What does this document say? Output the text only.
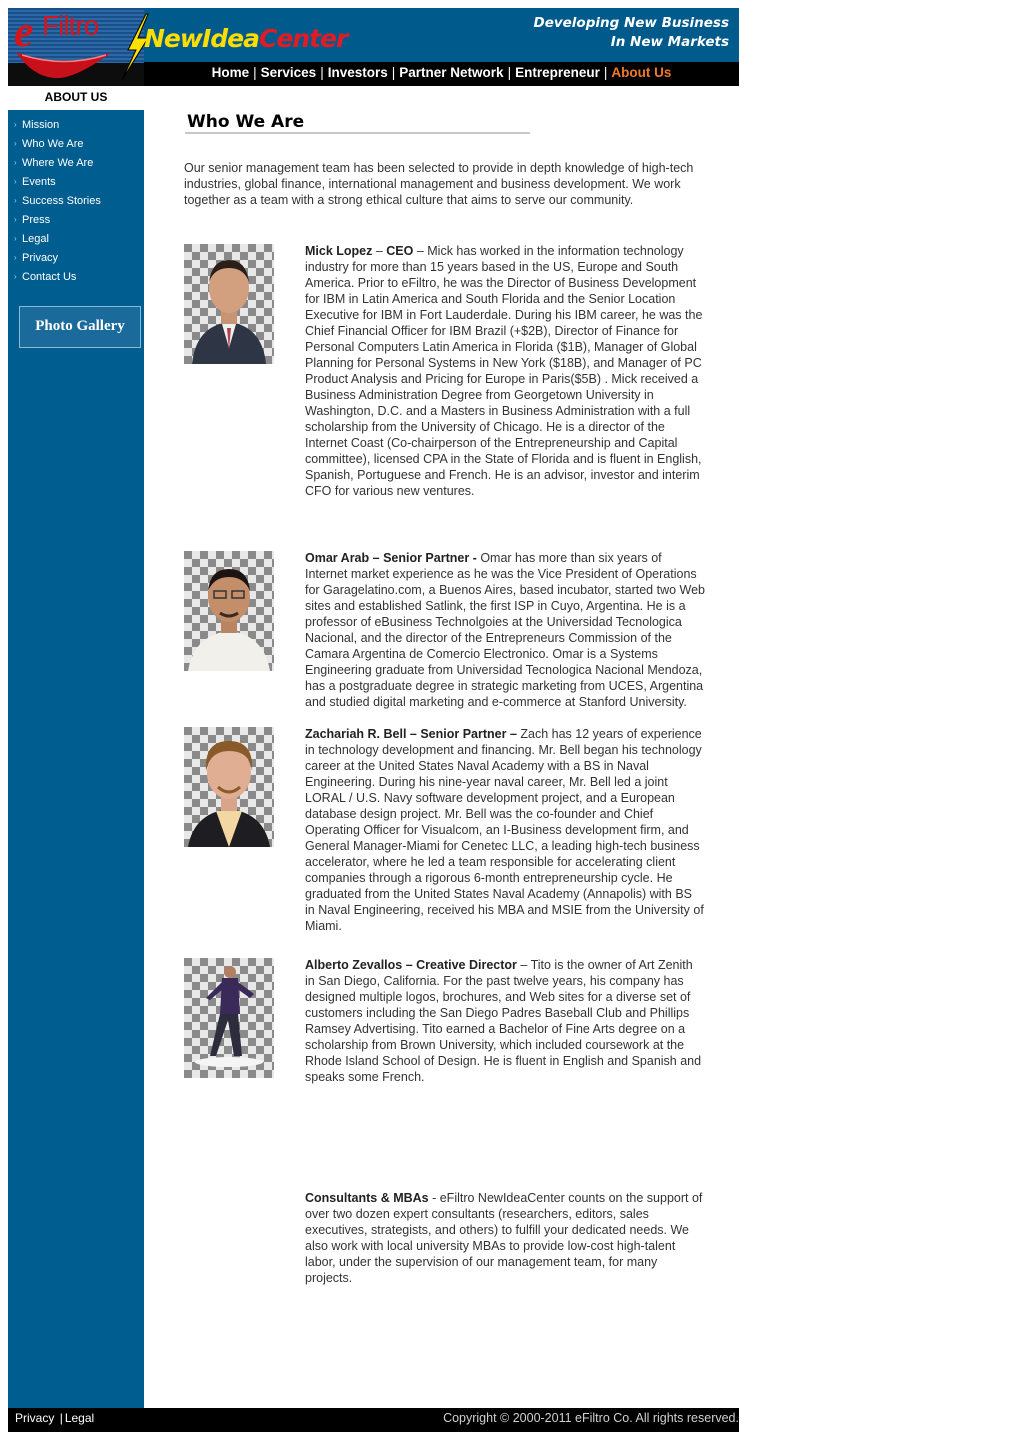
e Filtro NewIdeaCenter
Developing New Business
In New Markets
Home | Services | Investors | Partner Network | Entrepreneur | About Us
ABOUT US
› Mission
› Who We Are
› Where We Are
› Events
› Success Stories
› Press
› Legal
› Privacy
› Contact Us
Photo Gallery
Who We Are
Our senior management team has been selected to provide in depth knowledge of high-tech industries, global finance, international management and business development. We work together as a team with a strong ethical culture that aims to serve our community.
Mick Lopez – CEO – Mick has worked in the information technology industry for more than 15 years based in the US, Europe and South America. Prior to eFiltro, he was the Director of Business Development for IBM in Latin America and South Florida and the Senior Location Executive for IBM in Fort Lauderdale. During his IBM career, he was the Chief Financial Officer for IBM Brazil (+$2B), Director of Finance for Personal Computers Latin America in Florida ($1B), Manager of Global Planning for Personal Systems in New York ($18B), and Manager of PC Product Analysis and Pricing for Europe in Paris($5B) . Mick received a Business Administration Degree from Georgetown University in Washington, D.C. and a Masters in Business Administration with a full scholarship from the University of Chicago. He is a director of the Internet Coast (Co-chairperson of the Entrepreneurship and Capital committee), licensed CPA in the State of Florida and is fluent in English, Spanish, Portuguese and French. He is an advisor, investor and interim CFO for various new ventures.
Omar Arab – Senior Partner - Omar has more than six years of Internet market experience as he was the Vice President of Operations for Garagelatino.com, a Buenos Aires, based incubator, started two Web sites and established Satlink, the first ISP in Cuyo, Argentina. He is a professor of eBusiness Technolgoies at the Universidad Tecnologica Nacional, and the director of the Entrepreneurs Commission of the Camara Argentina de Comercio Electronico. Omar is a Systems Engineering graduate from Universidad Tecnologica Nacional Mendoza, has a postgraduate degree in strategic marketing from UCES, Argentina and studied digital marketing and e-commerce at Stanford University.
Zachariah R. Bell – Senior Partner – Zach has 12 years of experience in technology development and financing. Mr. Bell began his technology career at the United States Naval Academy with a BS in Naval Engineering. During his nine-year naval career, Mr. Bell led a joint LORAL / U.S. Navy software development project, and a European database design project. Mr. Bell was the co-founder and Chief Operating Officer for Visualcom, an I-Business development firm, and General Manager-Miami for Cenetec LLC, a leading high-tech business accelerator, where he led a team responsible for accelerating client companies through a rigorous 6-month entrepreneurship cycle. He graduated from the United States Naval Academy (Annapolis) with BS in Naval Engineering, received his MBA and MSIE from the University of Miami.
Alberto Zevallos – Creative Director – Tito is the owner of Art Zenith in San Diego, California. For the past twelve years, his company has designed multiple logos, brochures, and Web sites for a diverse set of customers including the San Diego Padres Baseball Club and Phillips Ramsey Advertising. Tito earned a Bachelor of Fine Arts degree on a scholarship from Brown University, which included coursework at the Rhode Island School of Design. He is fluent in English and Spanish and speaks some French.
Consultants & MBAs - eFiltro NewIdeaCenter counts on the support of over two dozen expert consultants (researchers, editors, sales executives, strategists, and others) to fulfill your dedicated needs. We also work with local university MBAs to provide low-cost high-talent labor, under the supervision of our management team, for many projects.
Privacy | Legal	Copyright © 2000-2011 eFiltro Co. All rights reserved.
